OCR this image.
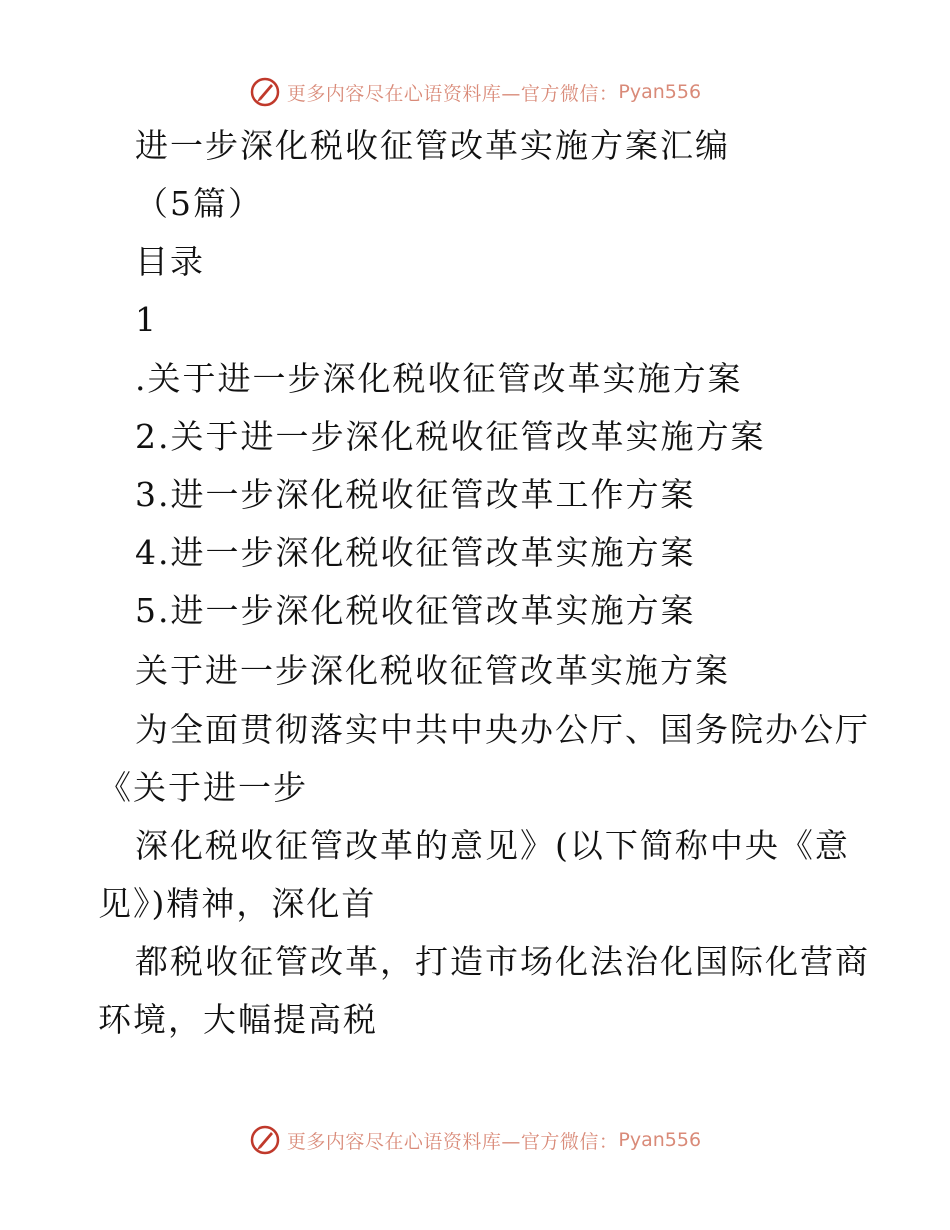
更多内容尽在心语资料库—官方微信： Pyan556
进一步深化税收征管改革实施方案汇编
（5篇）
目录
1
.关于进一步深化税收征管改革实施方案
2.关于进一步深化税收征管改革实施方案
3.进一步深化税收征管改革工作方案
4.进一步深化税收征管改革实施方案
5.进一步深化税收征管改革实施方案
关于进一步深化税收征管改革实施方案
为全面贯彻落实中共中央办公厅、国务院办公厅
《关于进一步
深化税收征管改革的意见》(以下简称中央《意
见》)精神，深化首
都税收征管改革，打造市场化法治化国际化营商
环境，大幅提高税
更多内容尽在心语资料库—官方微信： Pyan556
